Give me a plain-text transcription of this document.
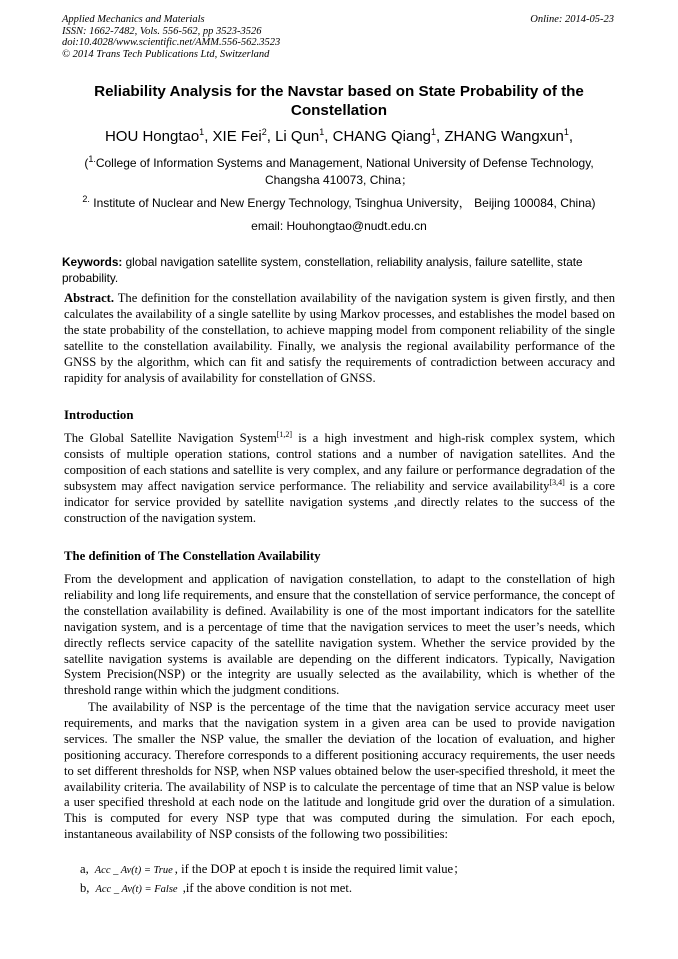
Applied Mechanics and Materials
ISSN: 1662-7482, Vols. 556-562, pp 3523-3526
doi:10.4028/www.scientific.net/AMM.556-562.3523
© 2014 Trans Tech Publications Ltd, Switzerland
Online: 2014-05-23
Reliability Analysis for the Navstar based on State Probability of the Constellation
HOU Hongtao$^1$, XIE Fei$^2$, Li Qun$^1$, CHANG Qiang$^1$, ZHANG Wangxun$^1$,
($^{1.}$College of Information Systems and Management, National University of Defense Technology, Changsha 410073, China；
$^{2.}$ Institute of Nuclear and New Energy Technology, Tsinghua University， Beijing 100084, China)
email: Houhongtao@nudt.edu.cn
Keywords: global navigation satellite system, constellation, reliability analysis, failure satellite, state probability.
Abstract. The definition for the constellation availability of the navigation system is given firstly, and then calculates the availability of a single satellite by using Markov processes, and establishes the model based on the state probability of the constellation, to achieve mapping model from component reliability of the single satellite to the constellation availability. Finally, we analysis the regional availability performance of the GNSS by the algorithm, which can fit and satisfy the requirements of contradiction between accuracy and rapidity for analysis of availability for constellation of GNSS.
Introduction
The Global Satellite Navigation System[1,2] is a high investment and high-risk complex system, which consists of multiple operation stations, control stations and a number of navigation satellites. And the composition of each stations and satellite is very complex, and any failure or performance degradation of the subsystem may affect navigation service performance. The reliability and service availability[3,4] is a core indicator for service provided by satellite navigation systems ,and directly relates to the success of the construction of the navigation system.
The definition of The Constellation Availability
From the development and application of navigation constellation, to adapt to the constellation of high reliability and long life requirements, and ensure that the constellation of service performance, the concept of the constellation availability is defined. Availability is one of the most important indicators for the satellite navigation system, and is a percentage of time that the navigation services to meet the user’s needs, which directly reflects service capacity of the satellite navigation system. Whether the service provided by the satellite navigation systems is available are depending on the different indicators. Typically, Navigation System Precision(NSP) or the integrity are usually selected as the availability, which is whether of the threshold range within which the judgment conditions.
The availability of NSP is the percentage of the time that the navigation service accuracy meet user requirements, and marks that the navigation system in a given area can be used to provide navigation services. The smaller the NSP value, the smaller the deviation of the location of evaluation, and higher positioning accuracy. Therefore corresponds to a different positioning accuracy requirements, the user needs to set different thresholds for NSP, when NSP values obtained below the user-specified threshold, it meet the availability criteria. The availability of NSP is to calculate the percentage of time that an NSP value is below a user specified threshold at each node on the latitude and longitude grid over the duration of a simulation. This is computed for every NSP type that was computed during the simulation. For each epoch, instantaneous availability of NSP consists of the following two possibilities:
a, Acc _ Av(t) = True , if the DOP at epoch t is inside the required limit value；
b, Acc _ Av(t) = False ,if the above condition is not met.
